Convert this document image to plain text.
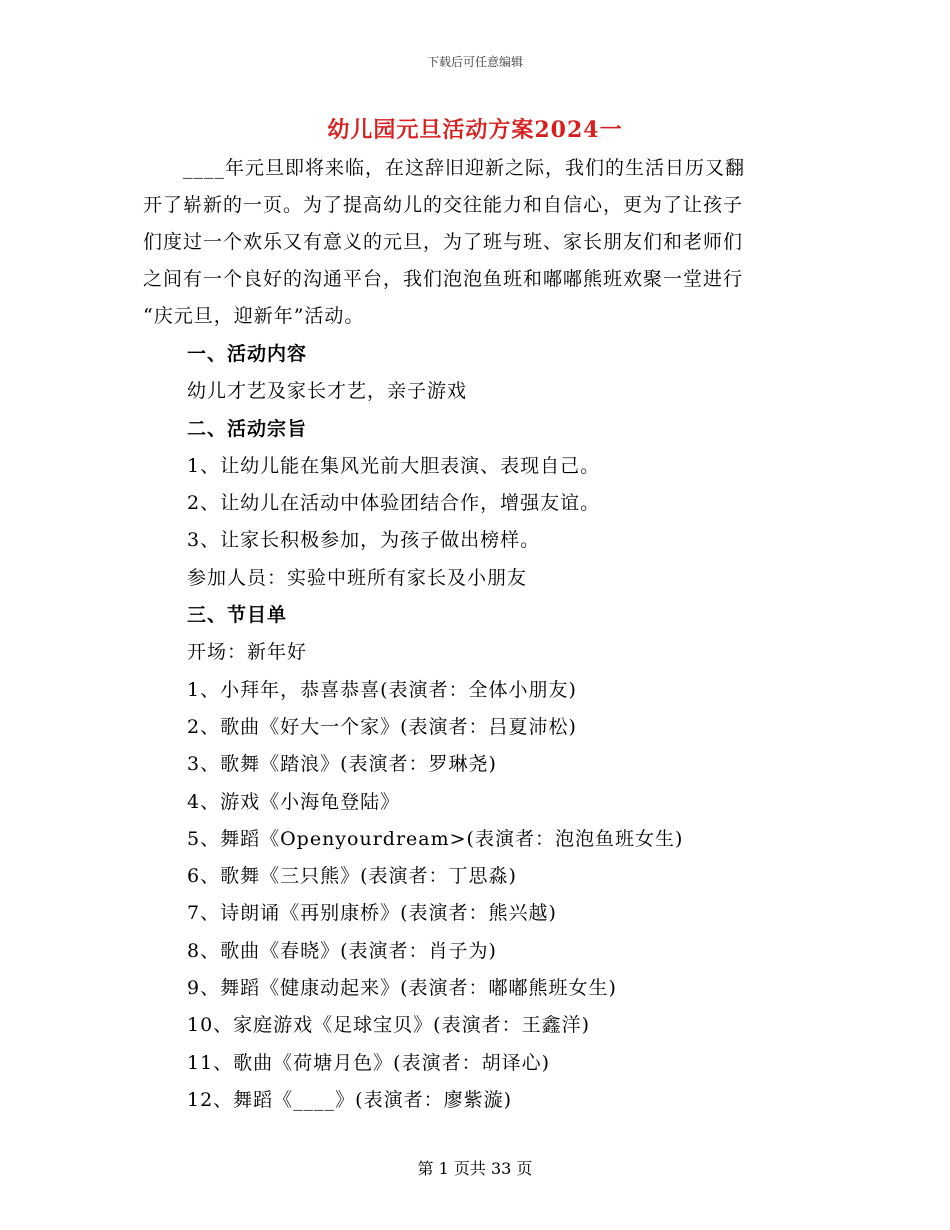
下载后可任意编辑
幼儿园元旦活动方案2024一
____年元旦即将来临，在这辞旧迎新之际，我们的生活日历又翻
开了崭新的一页。为了提高幼儿的交往能力和自信心，更为了让孩子
们度过一个欢乐又有意义的元旦，为了班与班、家长朋友们和老师们
之间有一个良好的沟通平台，我们泡泡鱼班和嘟嘟熊班欢聚一堂进行
“庆元旦，迎新年”活动。
一、活动内容
幼儿才艺及家长才艺，亲子游戏
二、活动宗旨
1、让幼儿能在集风光前大胆表演、表现自己。
2、让幼儿在活动中体验团结合作，增强友谊。
3、让家长积极参加，为孩子做出榜样。
参加人员：实验中班所有家长及小朋友
三、节目单
开场：新年好
1、小拜年，恭喜恭喜(表演者：全体小朋友)
2、歌曲《好大一个家》(表演者：吕夏沛松)
3、歌舞《踏浪》(表演者：罗琳尧)
4、游戏《小海龟登陆》
5、舞蹈《Openyourdream>(表演者：泡泡鱼班女生)
6、歌舞《三只熊》(表演者：丁思淼)
7、诗朗诵《再别康桥》(表演者：熊兴越)
8、歌曲《春晓》(表演者：肖子为)
9、舞蹈《健康动起来》(表演者：嘟嘟熊班女生)
10、家庭游戏《足球宝贝》(表演者：王鑫洋)
11、歌曲《荷塘月色》(表演者：胡译心)
12、舞蹈《____》(表演者：廖紫漩)
第 1 页共 33 页
